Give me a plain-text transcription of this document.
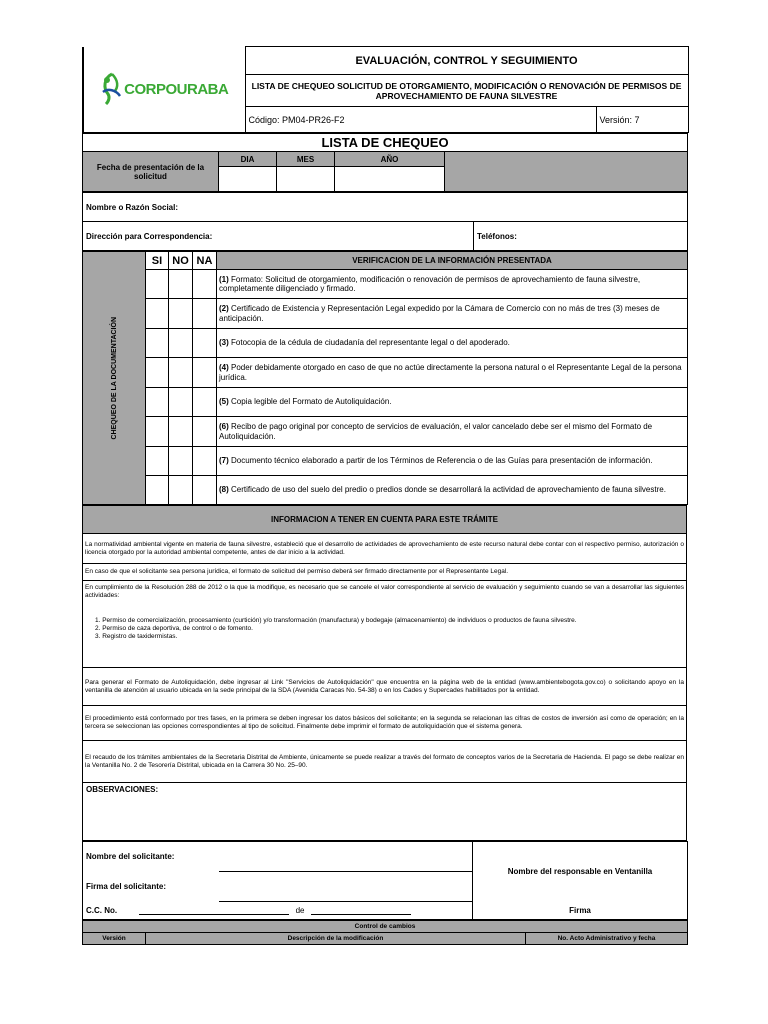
CORPOURABA	EVALUACIÓN, CONTROL Y SEGUIMIENTO	
	LISTA DE CHEQUEO SOLICITUD DE OTORGAMIENTO, MODIFICACIÓN O RENOVACIÓN DE PERMISOS DE APROVECHAMIENTO DE FAUNA SILVESTRE	
	Código: PM04-PR26-F2	Versión: 7
LISTA DE CHEQUEO				
Fecha de presentación de la solicitud	DIA	MES	AÑO	

Nombre o Razón Social:
Dirección para Correspondencia:	Teléfonos:
CHEQUEO DE LA DOCUMENTACIÓN	SI	NO	NA	VERIFICACION DE LA INFORMACIÓN PRESENTADA
				(1) Formato: Solicitud de otorgamiento, modificación o renovación de permisos de aprovechamiento de fauna silvestre, completamente diligenciado y firmado.
				(2) Certificado de Existencia y Representación Legal expedido por la Cámara de Comercio con no más de tres (3) meses de anticipación.
				(3) Fotocopia de la cédula de ciudadanía del representante legal o del apoderado.
				(4) Poder debidamente otorgado en caso de que no actúe directamente la persona natural o el Representante Legal de la persona jurídica.
				(5) Copia legible del Formato de Autoliquidación.
				(6) Recibo de pago original por concepto de servicios de evaluación, el valor cancelado debe ser el mismo del Formato de Autoliquidación.
				(7) Documento técnico elaborado a partir de los Términos de Referencia o de las Guías para presentación de información.
				(8) Certificado de uso del suelo del predio o predios donde se desarrollará la actividad de aprovechamiento de fauna silvestre.
INFORMACION A TENER EN CUENTA PARA ESTE TRÁMITE
La normatividad ambiental vigente en materia de fauna silvestre, estableció que el desarrollo de actividades de aprovechamiento de este recurso natural debe contar con el respectivo permiso, autorización o licencia otorgado por la autoridad ambiental competente, antes de dar inicio a la actividad.
En caso de que el solicitante sea persona jurídica, el formato de solicitud del permiso deberá ser firmado directamente por el Representante Legal.

En cumplimiento de la Resolución 288 de 2012 o la que la modifique, es necesario que se cancele el valor correspondiente al servicio de evaluación y seguimiento cuando se van a desarrollar las siguientes actividades:
1. Permiso de comercialización, procesamiento (curtición) y/o transformación (manufactura) y bodegaje (almacenamiento) de individuos o productos de fauna silvestre.
2. Permiso de caza deportiva, de control o de fomento.
3. Registro de taxidermistas.

Para generar el Formato de Autoliquidación, debe ingresar al Link "Servicios de Autoliquidación" que encuentra en la página web de la entidad (www.ambientebogota.gov.co) o solicitando apoyo en la ventanilla de atención al usuario ubicada en la sede principal de la SDA (Avenida Caracas No. 54-38) o en los Cades y Supercades habilitados por la entidad.
El procedimiento está conformado por tres fases, en la primera se deben ingresar los datos básicos del solicitante; en la segunda se relacionan las cifras de costos de inversión así como de operación; en la tercera se seleccionan las opciones correspondientes al tipo de solicitud. Finalmente debe imprimir el formato de autoliquidación que el sistema genera.
El recaudo de los trámites ambientales de la Secretaria Distrital de Ambiente, únicamente se puede realizar a través del formato de conceptos varios de la Secretaria de Hacienda. El pago se debe realizar en la Ventanilla No. 2 de Tesorería Distrital, ubicada en la Carrera 30 No. 25–90.
OBSERVACIONES:
Nombre del solicitante:		Nombre del responsable en Ventanilla
Firma del solicitante:		
C.C. No. de		Firma
Control de cambios
Versión	Descripción de la modificación	No. Acto Administrativo y fecha
